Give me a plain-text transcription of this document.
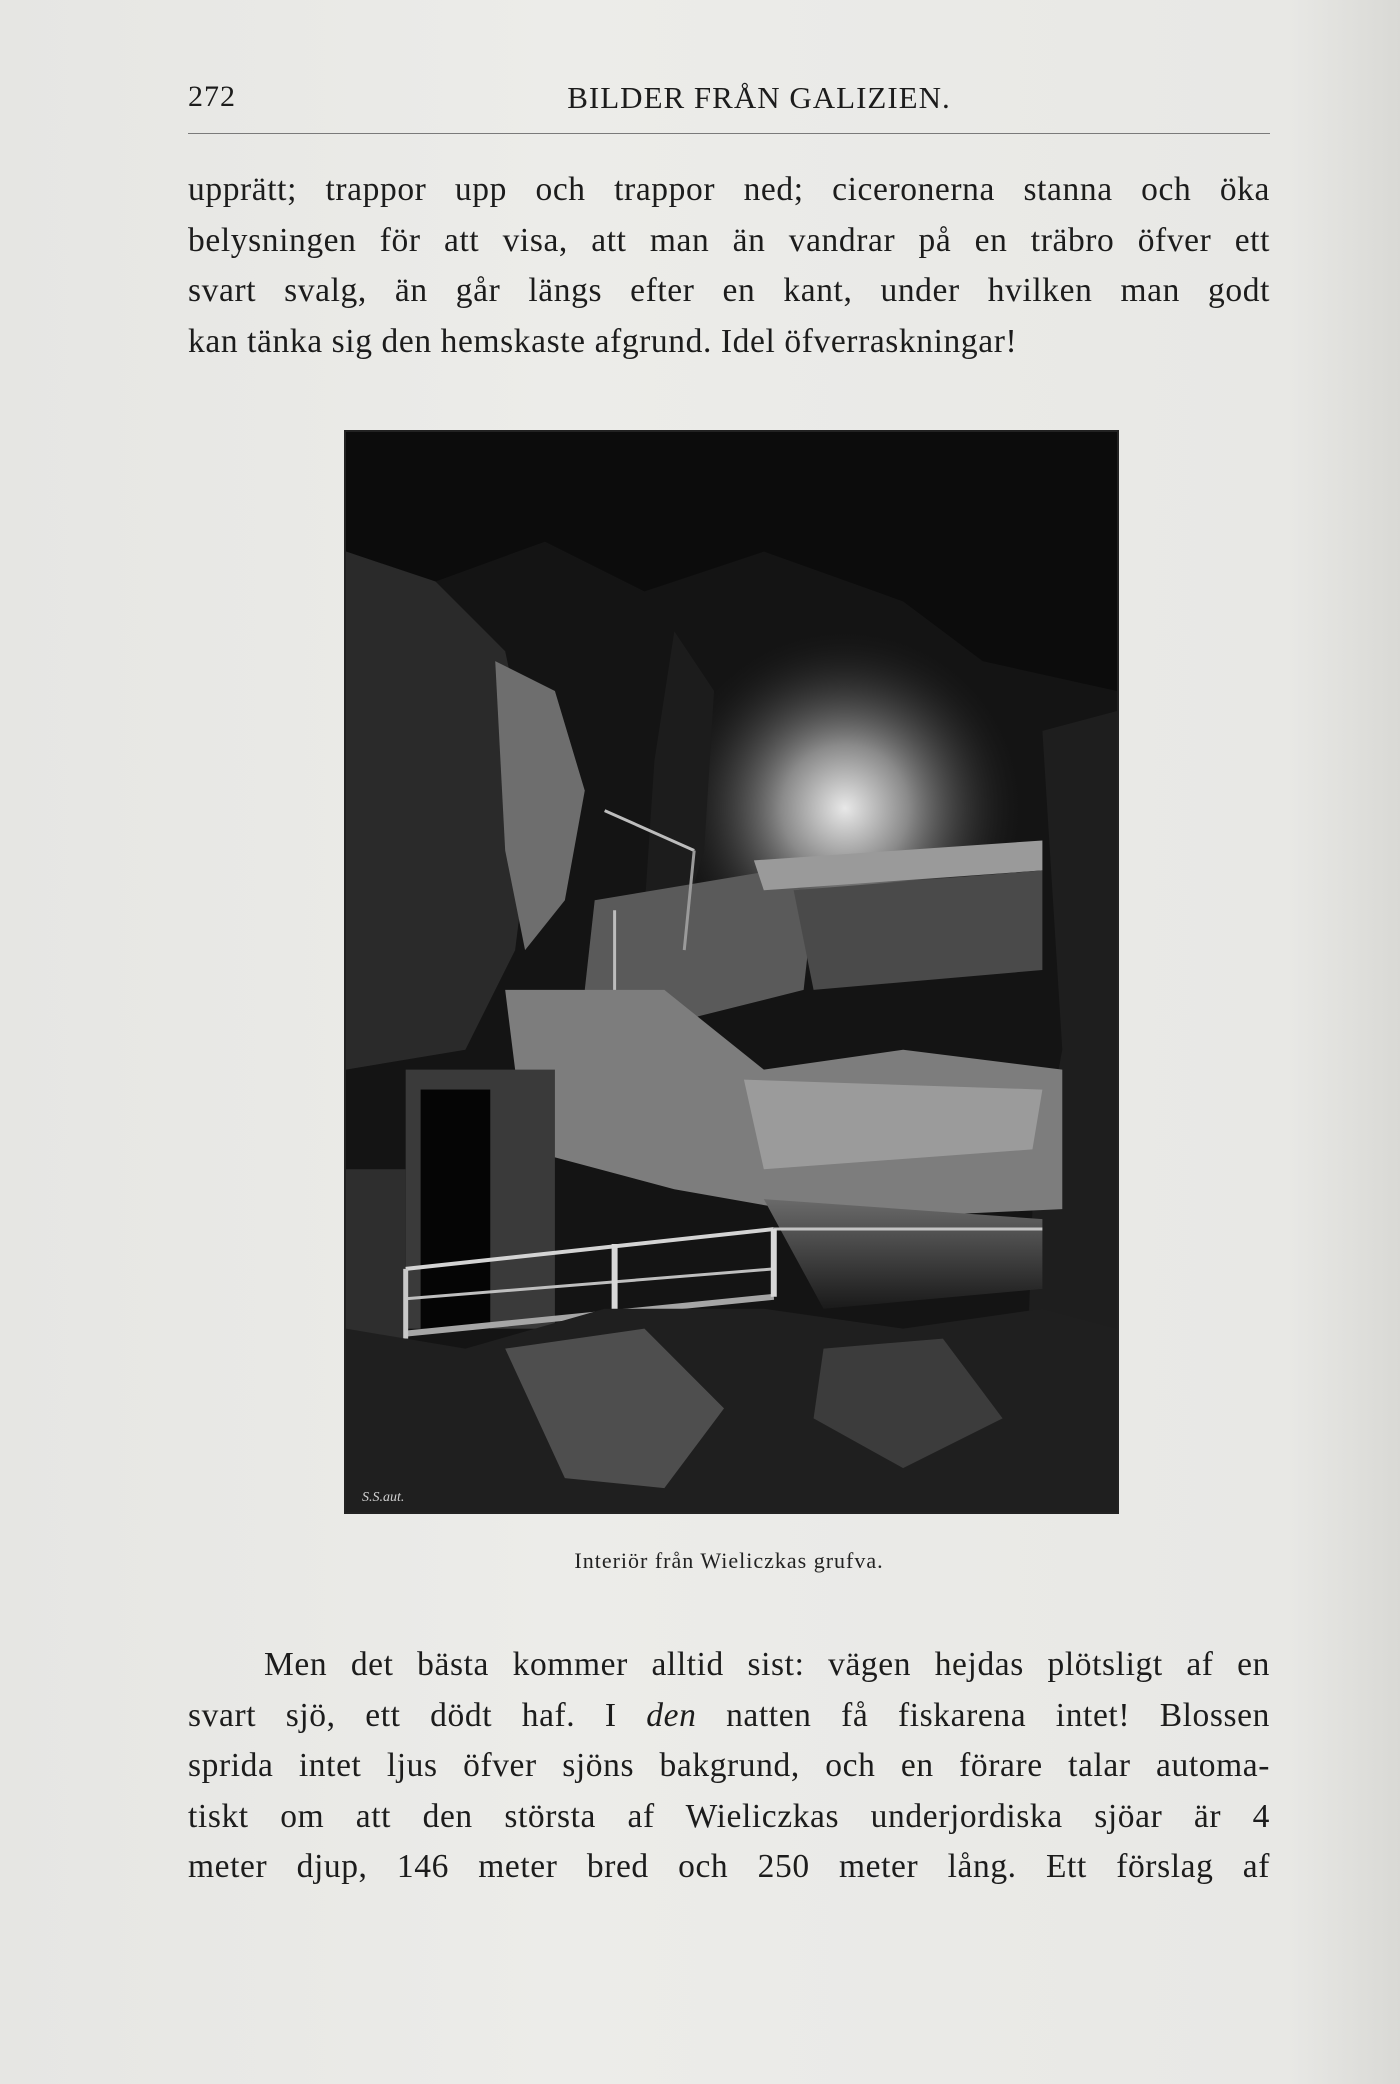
272	BILDER FRÅN GALIZIEN.
upprätt; trappor upp och trappor ned; ciceronerna stanna och öka
belysningen för att visa, att man än vandrar på en träbro öfver ett
svart svalg, än går längs efter en kant, under hvilken man godt
kan tänka sig den hemskaste afgrund. Idel öfverraskningar!
S.S.aut.
Interiör från Wieliczkas grufva.
Men det bästa kommer alltid sist: vägen hejdas plötsligt af en
svart sjö, ett dödt haf. I den natten få fiskarena intet! Blossen
sprida intet ljus öfver sjöns bakgrund, och en förare talar automa-
tiskt om att den största af Wieliczkas underjordiska sjöar är 4
meter djup, 146 meter bred och 250 meter lång. Ett förslag af
